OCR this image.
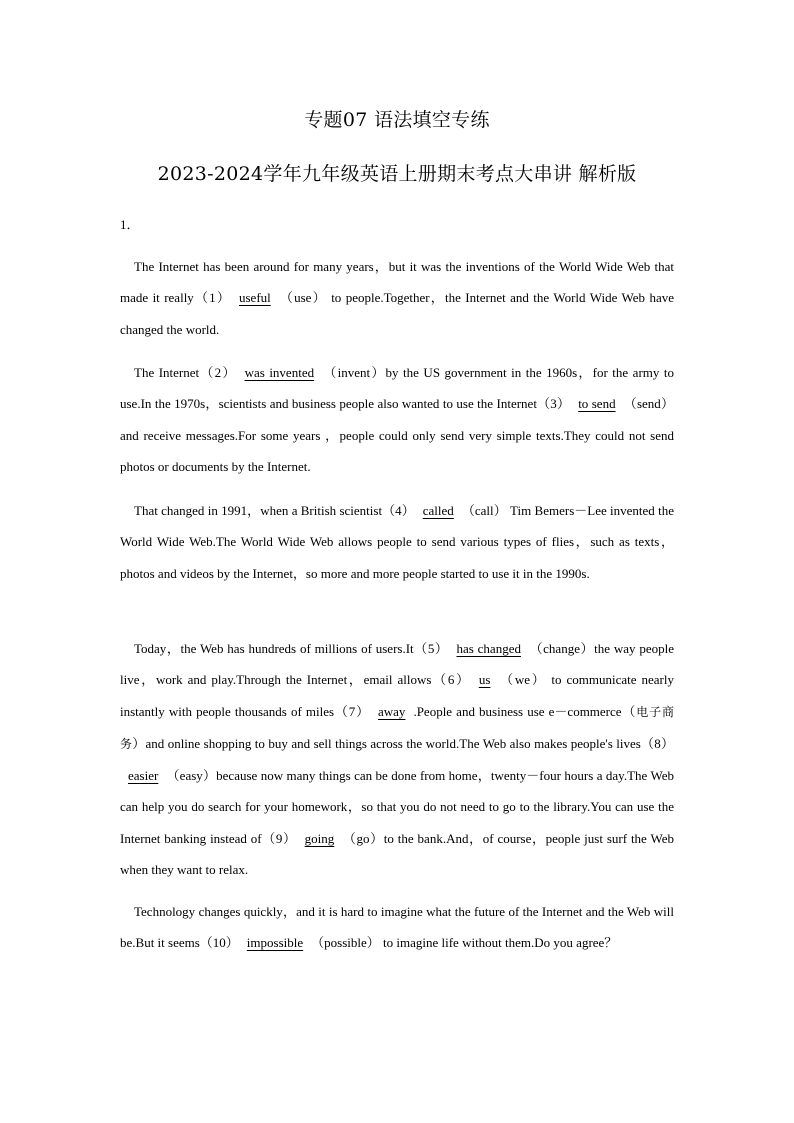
专题07 语法填空专练
2023-2024学年九年级英语上册期末考点大串讲 解析版
1．
The Internet has been around for many years，but it was the inventions of the World Wide Web that made it really（1） useful （use） to people.Together，the Internet and the World Wide Web have changed the world.
The Internet（2） was invented （invent）by the US government in the 1960s，for the army to use.In the 1970s，scientists and business people also wanted to use the Internet（3） to send （send） and receive messages.For some years ，people could only send very simple texts.They could not send photos or documents by the Internet.
That changed in 1991，when a British scientist（4） called （call） Tim Bemers－Lee invented the World Wide Web.The World Wide Web allows people to send various types of flies，such as texts，photos and videos by the Internet，so more and more people started to use it in the 1990s.
Today，the Web has hundreds of millions of users.It（5） has changed （change）the way people live，work and play.Through the Internet，email allows（6） us （we） to communicate nearly instantly with people thousands of miles（7） away .People and business use e－commerce（电子商务）and online shopping to buy and sell things across the world.The Web also makes people's lives（8）easier （easy）because now many things can be done from home，twenty－four hours a day.The Web can help you do search for your homework，so that you do not need to go to the library.You can use the Internet banking instead of（9） going （go）to the bank.And，of course，people just surf the Web when they want to relax.
Technology changes quickly，and it is hard to imagine what the future of the Internet and the Web will be.But it seems（10） impossible （possible） to imagine life without them.Do you agree？
